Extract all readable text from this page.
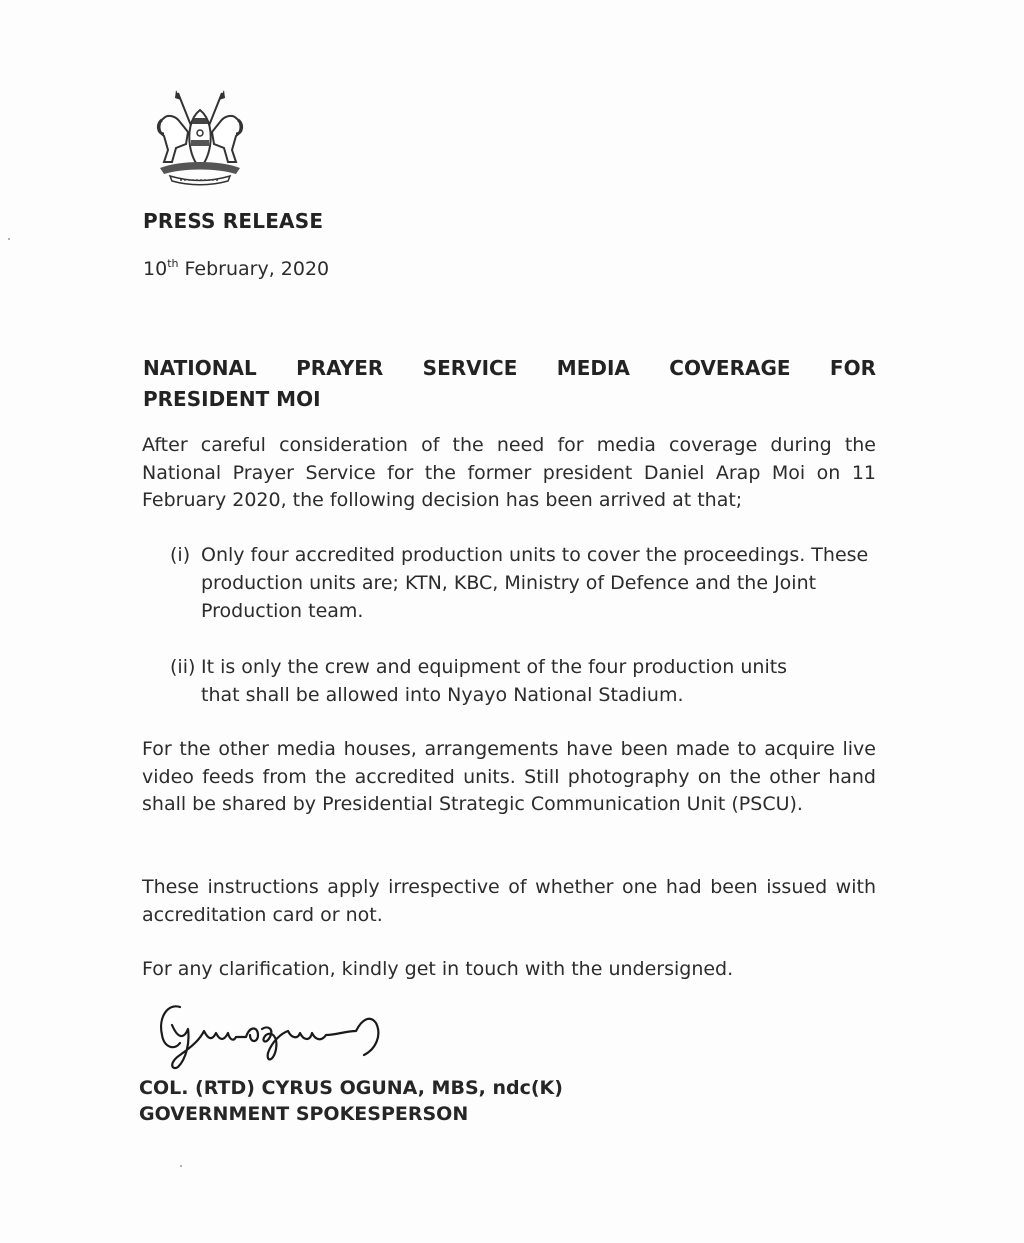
PRESS RELEASE
10th February, 2020
NATIONAL PRAYER SERVICE MEDIA COVERAGE FOR
PRESIDENT MOI
After careful consideration of the need for media coverage during the National Prayer Service for the former president Daniel Arap Moi on 11 February 2020, the following decision has been arrived at that;
(i) Only four accredited production units to cover the proceedings. These production units are; KTN, KBC, Ministry of Defence and the Joint Production team.
(ii) It is only the crew and equipment of the four production units that shall be allowed into Nyayo National Stadium.
For the other media houses, arrangements have been made to acquire live video feeds from the accredited units. Still photography on the other hand shall be shared by Presidential Strategic Communication Unit (PSCU).
These instructions apply irrespective of whether one had been issued with accreditation card or not.
For any clarification, kindly get in touch with the undersigned.
COL. (RTD) CYRUS OGUNA, MBS, ndc(K)
GOVERNMENT SPOKESPERSON
